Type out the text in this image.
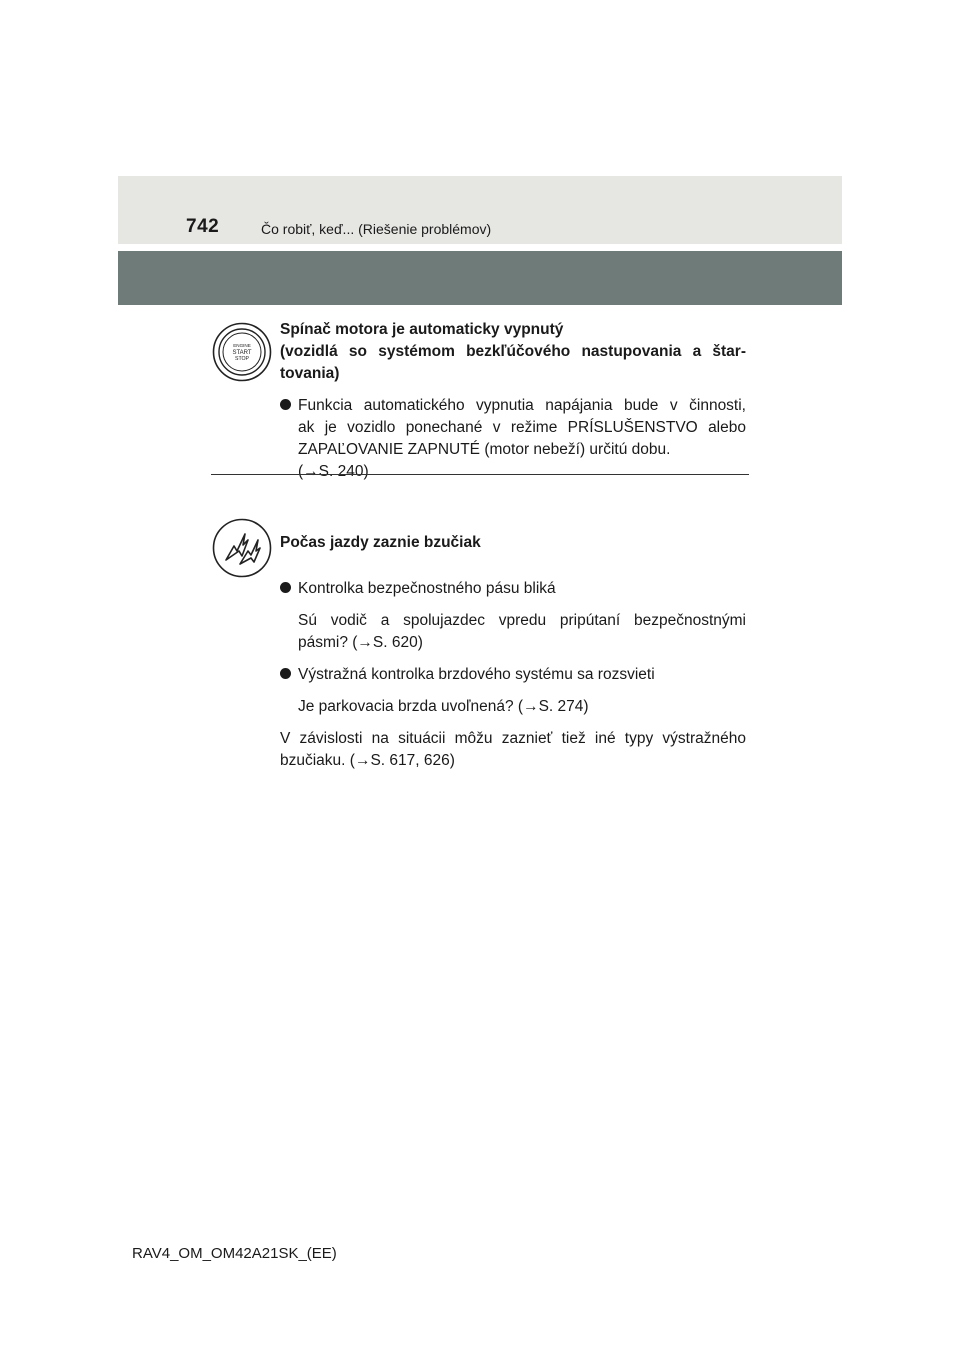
742	Čo robiť, keď... (Riešenie problémov)
ENGINE
START
STOP
Spínač motora je automaticky vypnutý
(vozidlá so systémom bezkľúčového nastupovania a štar-
tovania)
Funkcia automatického vypnutia napájania bude v činnosti,
ak je vozidlo ponechané v režime PRÍSLUŠENSTVO alebo
ZAPAĽOVANIE ZAPNUTÉ (motor nebeží) určitú dobu.
(→S. 240)
Počas jazdy zaznie bzučiak
Kontrolka bezpečnostného pásu bliká
Sú vodič a spolujazdec vpredu pripútaní bezpečnostnými
pásmi? (→S. 620)
Výstražná kontrolka brzdového systému sa rozsvieti
Je parkovacia brzda uvoľnená? (→S. 274)
V závislosti na situácii môžu zaznieť tiež iné typy výstražného
bzučiaku. (→S. 617, 626)
RAV4_OM_OM42A21SK_(EE)
